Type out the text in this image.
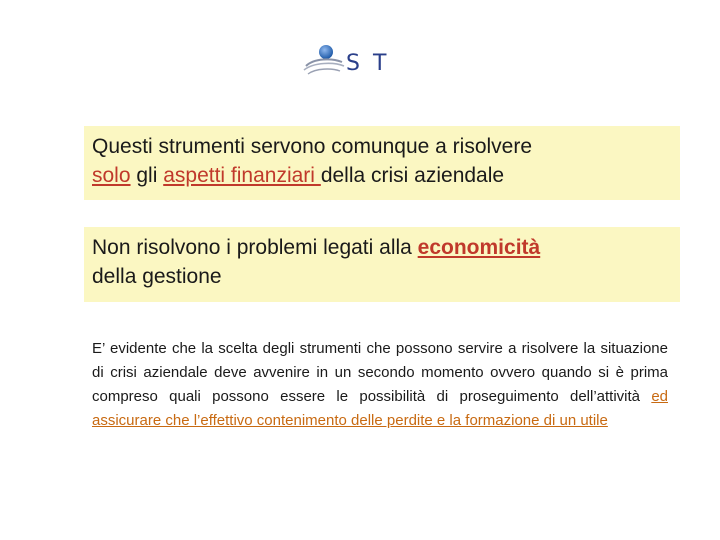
S T
Questi strumenti servono comunque a risolvere
solo gli aspetti finanziari della crisi aziendale
Non risolvono i problemi legati alla economicità
della gestione
E’ evidente che la scelta degli strumenti che possono servire a risolvere la situazione di crisi aziendale deve avvenire in un secondo momento ovvero quando si è prima compreso quali possono essere le possibilità di proseguimento dell’attività ed assicurare che l’effettivo contenimento delle perdite e la formazione di un utile
